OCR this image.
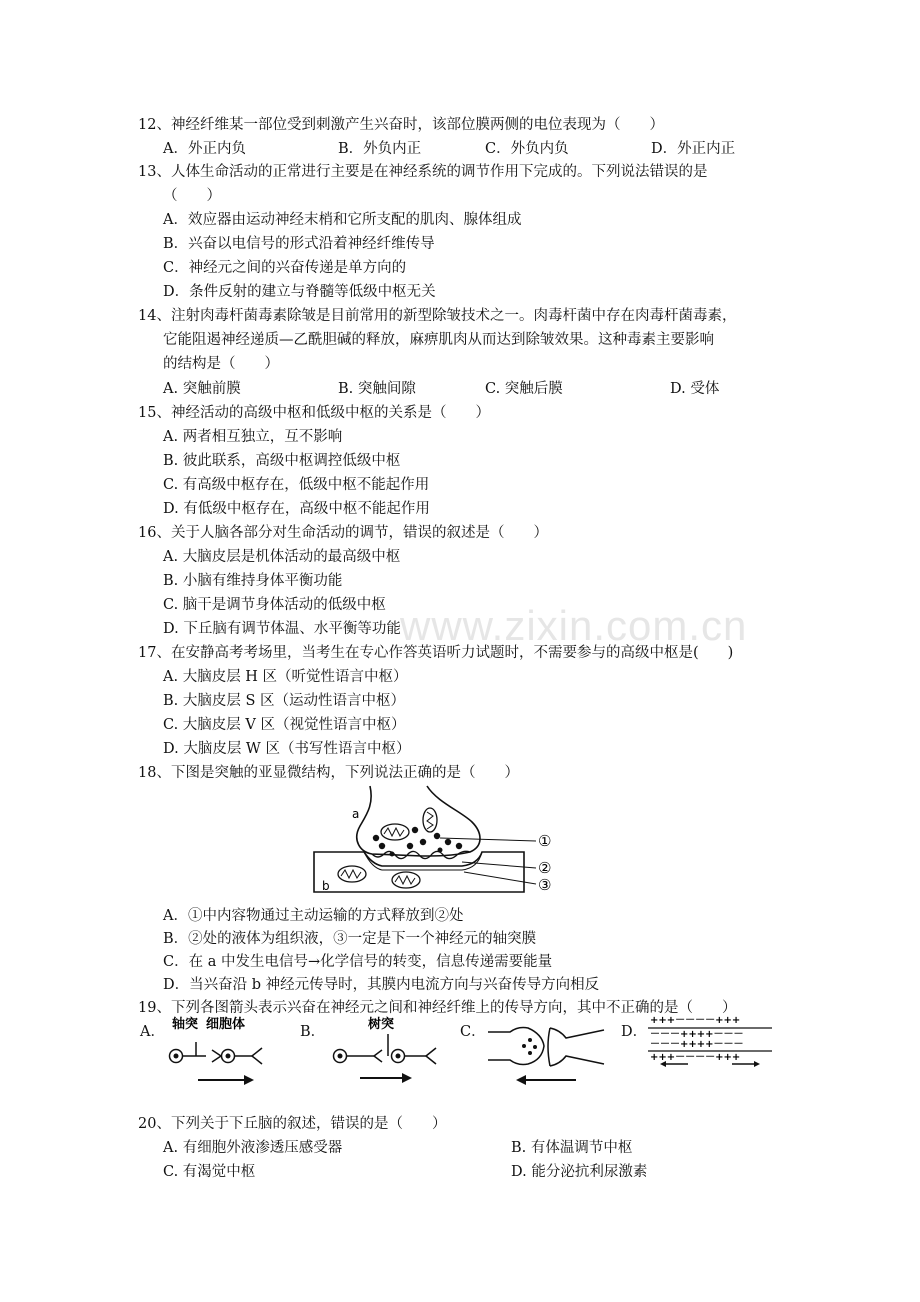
www.zixin.com.cn
12、神经纤维某一部位受到刺激产生兴奋时，该部位膜两侧的电位表现为（　　）
A．外正内负	B．外负内正	C．外负内负	D．外正内正
13、人体生命活动的正常进行主要是在神经系统的调节作用下完成的。下列说法错误的是
（　　）
A．效应器由运动神经末梢和它所支配的肌肉、腺体组成
B．兴奋以电信号的形式沿着神经纤维传导
C．神经元之间的兴奋传递是单方向的
D．条件反射的建立与脊髓等低级中枢无关
14、注射肉毒杆菌毒素除皱是目前常用的新型除皱技术之一。肉毒杆菌中存在肉毒杆菌毒素，
它能阻遏神经递质—乙酰胆碱的释放，麻痹肌肉从而达到除皱效果。这种毒素主要影响
的结构是（　　）
A. 突触前膜	B. 突触间隙	C. 突触后膜	D. 受体
15、神经活动的高级中枢和低级中枢的关系是（　　）
A. 两者相互独立，互不影响
B. 彼此联系，高级中枢调控低级中枢
C. 有高级中枢存在，低级中枢不能起作用
D. 有低级中枢存在，高级中枢不能起作用
16、关于人脑各部分对生命活动的调节，错误的叙述是（　　）
A. 大脑皮层是机体活动的最高级中枢
B. 小脑有维持身体平衡功能
C. 脑干是调节身体活动的低级中枢
D. 下丘脑有调节体温、水平衡等功能
17、在安静高考考场里，当考生在专心作答英语听力试题时，不需要参与的高级中枢是(　　)
A. 大脑皮层 H 区（听觉性语言中枢）
B. 大脑皮层 S 区（运动性语言中枢）
C. 大脑皮层 V 区（视觉性语言中枢）
D. 大脑皮层 W 区（书写性语言中枢）
18、下图是突触的亚显微结构，下列说法正确的是（　　）
a
b
①
②
③
A．①中内容物通过主动运输的方式释放到②处
B．②处的液体为组织液，③一定是下一个神经元的轴突膜
C．在 a 中发生电信号→化学信号的转变，信息传递需要能量
D．当兴奋沿 b 神经元传导时，其膜内电流方向与兴奋传导方向相反
19、下列各图箭头表示兴奋在神经元之间和神经纤维上的传导方向，其中不正确的是（　　）
A．	B．	C．	D．
轴突 细胞体	树突	+++－－－－+++
－－－++++－－－
－－－++++－－－
+++－－－－+++
20、下列关于下丘脑的叙述，错误的是（　　）
A. 有细胞外液渗透压感受器	B. 有体温调节中枢
C. 有渴觉中枢	D. 能分泌抗利尿激素
